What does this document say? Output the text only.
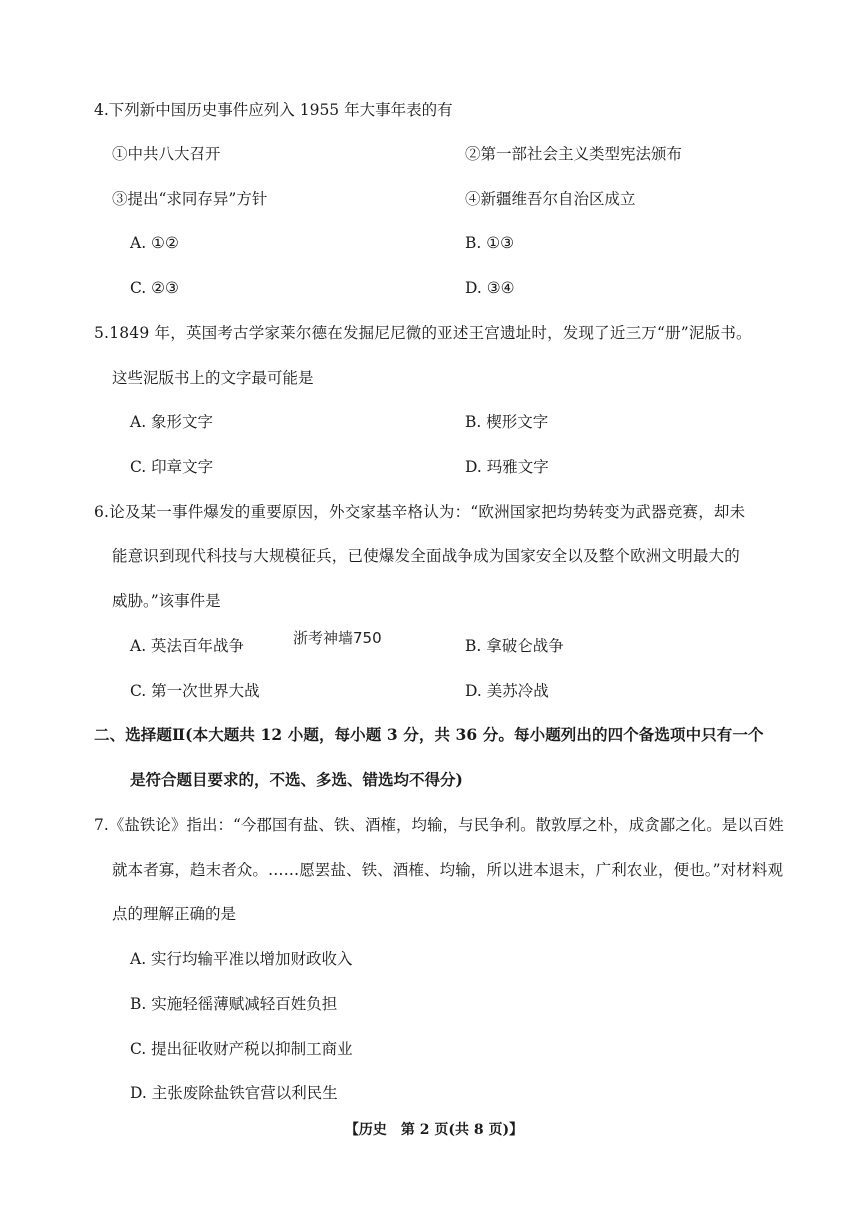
4.下列新中国历史事件应列入 1955 年大事年表的有
①中共八大召开	②第一部社会主义类型宪法颁布
③提出“求同存异”方针	④新疆维吾尔自治区成立
A. ①②	B. ①③
C. ②③	D. ③④
5.1849 年，英国考古学家莱尔德在发掘尼尼微的亚述王宫遗址时，发现了近三万“册”泥版书。
这些泥版书上的文字最可能是
A. 象形文字	B. 楔形文字
C. 印章文字	D. 玛雅文字
6.论及某一事件爆发的重要原因，外交家基辛格认为：“欧洲国家把均势转变为武器竞赛，却未
能意识到现代科技与大规模征兵，已使爆发全面战争成为国家安全以及整个欧洲文明最大的
威胁。”该事件是
A. 英法百年战争	浙考神墙750	B. 拿破仑战争
C. 第一次世界大战	D. 美苏冷战
二、选择题Ⅱ(本大题共 12 小题，每小题 3 分，共 36 分。每小题列出的四个备选项中只有一个
是符合题目要求的，不选、多选、错选均不得分)
7.《盐铁论》指出：“今郡国有盐、铁、酒榷，均输，与民争利。散敦厚之朴，成贪鄙之化。是以百姓
就本者寡，趋末者众。……愿罢盐、铁、酒榷、均输，所以进本退末，广利农业，便也。”对材料观
点的理解正确的是
A. 实行均输平准以增加财政收入
B. 实施轻徭薄赋减轻百姓负担
C. 提出征收财产税以抑制工商业
D. 主张废除盐铁官营以利民生
【历史　第 2 页(共 8 页)】
